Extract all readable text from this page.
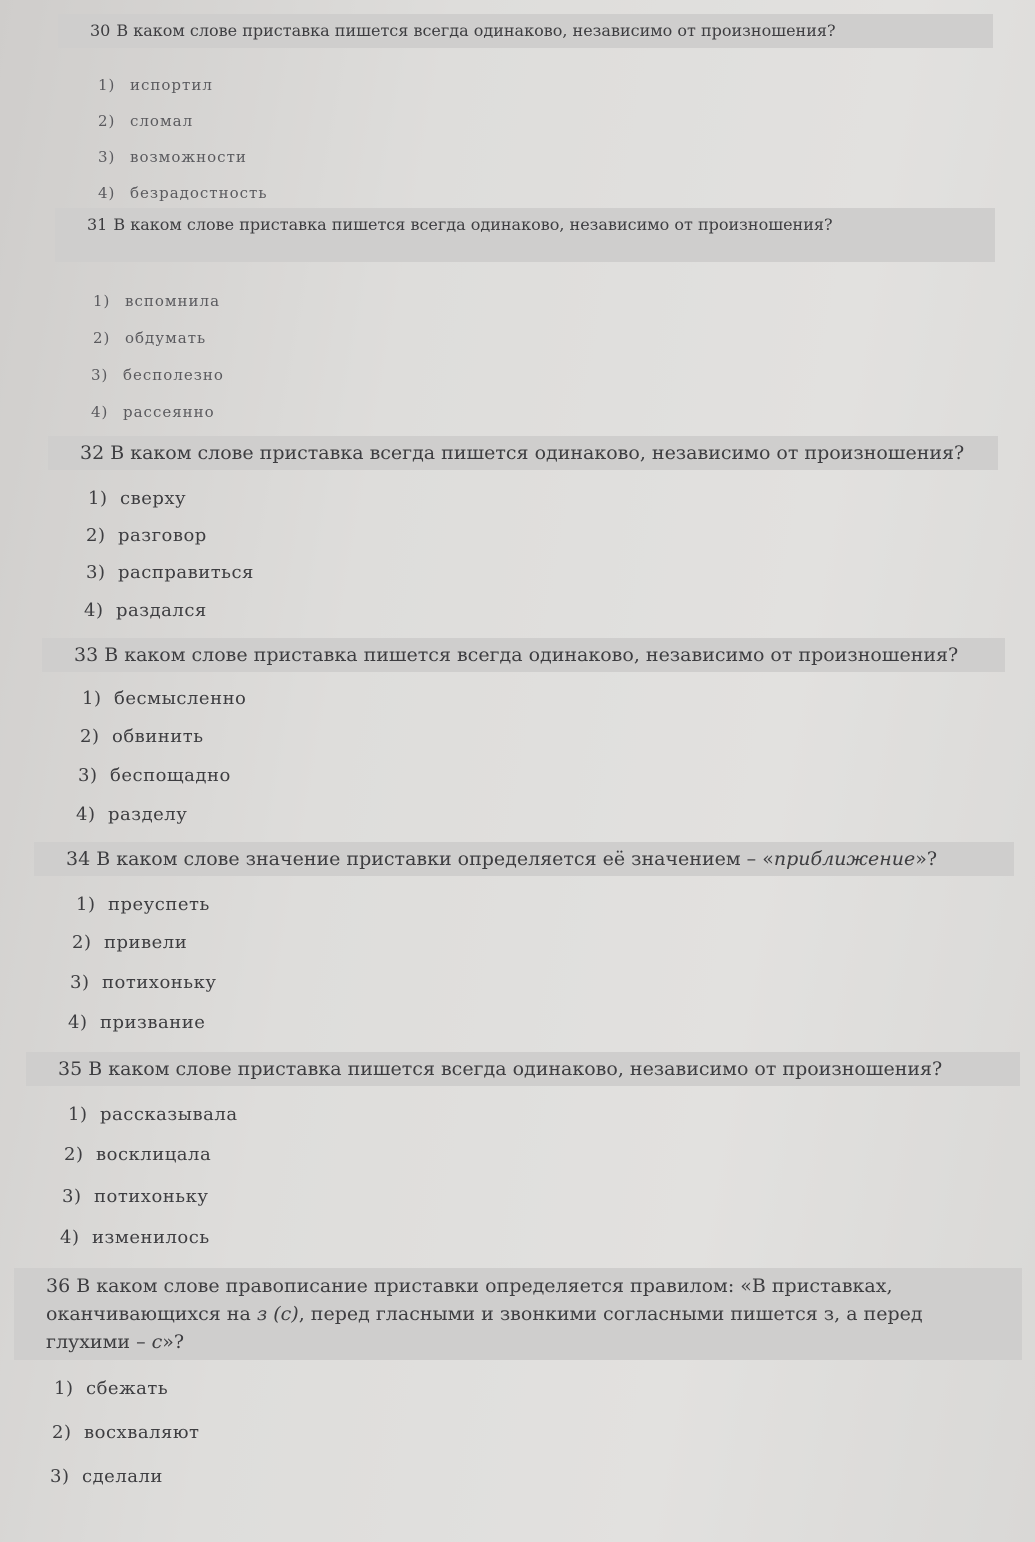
30 В каком слове приставка пишется всегда одинаково, независимо от произношения?
1) испортил
2) сломал
3) возможности
4) безрадостность
31 В каком слове приставка пишется всегда одинаково, независимо от произношения?
1) вспомнила
2) обдумать
3) бесполезно
4) рассеянно
32 В каком слове приставка всегда пишется одинаково, независимо от произношения?
1) сверху
2) разговор
3) расправиться
4) раздался
33 В каком слове приставка пишется всегда одинаково, независимо от произношения?
1) бесмысленно
2) обвинить
3) беспощадно
4) разделу
34 В каком слове значение приставки определяется её значением – «приближение»?
1) преуспеть
2) привели
3) потихоньку
4) призвание
35 В каком слове приставка пишется всегда одинаково, независимо от произношения?
1) рассказывала
2) восклицала
3) потихоньку
4) изменилось
36 В каком слове правописание приставки определяется правилом: «В приставках, оканчивающихся на з (с), перед гласными и звонкими согласными пишется з, а перед глухими – с»?
1) сбежать
2) восхваляют
3) сделали
